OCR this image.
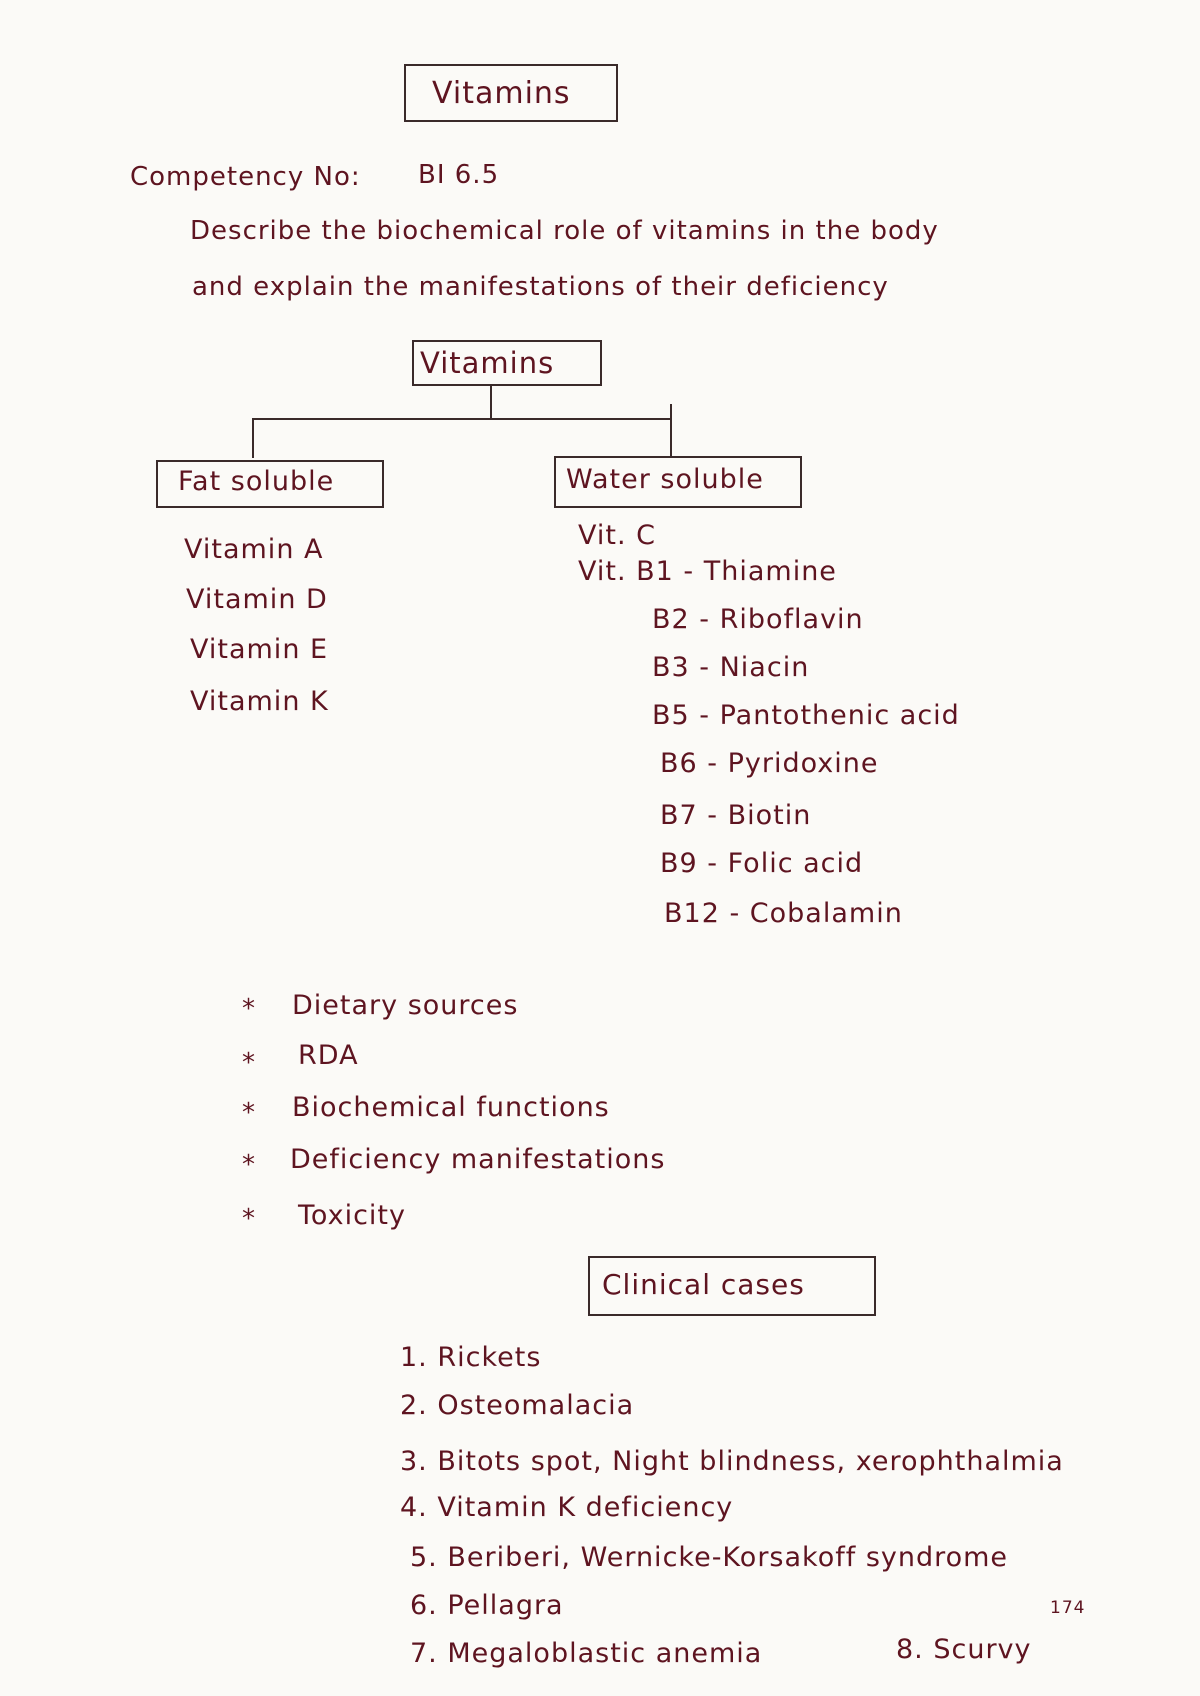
Vitamins
Competency No: BI 6.5
Describe the biochemical role of vitamins in the body
and explain the manifestations of their deficiency
Vitamins
Fat soluble
Vitamin A
Vitamin D
Vitamin E
Vitamin K
Water soluble
Vit. C
Vit. B1 - Thiamine
B2 - Riboflavin
B3 - Niacin
B5 - Pantothenic acid
B6 - Pyridoxine
B7 - Biotin
B9 - Folic acid
B12 - Cobalamin
* Dietary sources
* RDA
* Biochemical functions
* Deficiency manifestations
* Toxicity
Clinical cases
1. Rickets
2. Osteomalacia
3. Bitots spot, Night blindness, xerophthalmia
4. Vitamin K deficiency
5. Beriberi, Wernicke-Korsakoff syndrome
6. Pellagra
7. Megaloblastic anemia	8. Scurvy
174
